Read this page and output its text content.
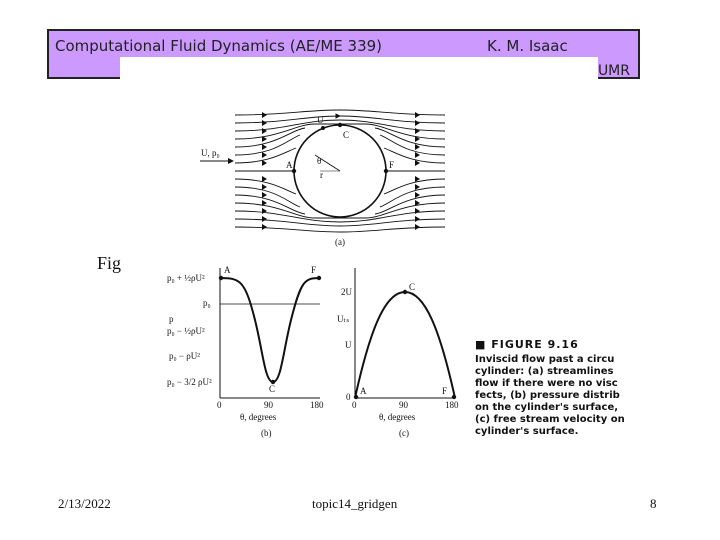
Computational Fluid Dynamics (AE/ME 339)	K. M. Isaac
UMR
Fig
U, p₀
θ
r
A	F
C
U
(a)
A	F
C
p₀ + ½ρU²
p₀
p₀ − ½ρU²
p₀ − ρU²
p₀ − 3/2 ρU²
p
0	90	180
θ, degrees
(b)
A
C
F
2U
U
0
Uₜₛ
0	90	180
θ, degrees
(c)
■ FIGURE 9.16
Inviscid flow past a circu
cylinder: (a) streamlines
flow if there were no visc
fects, (b) pressure distrib
on the cylinder's surface,
(c) free stream velocity on
cylinder's surface.
2/13/2022	topic14_gridgen	8
